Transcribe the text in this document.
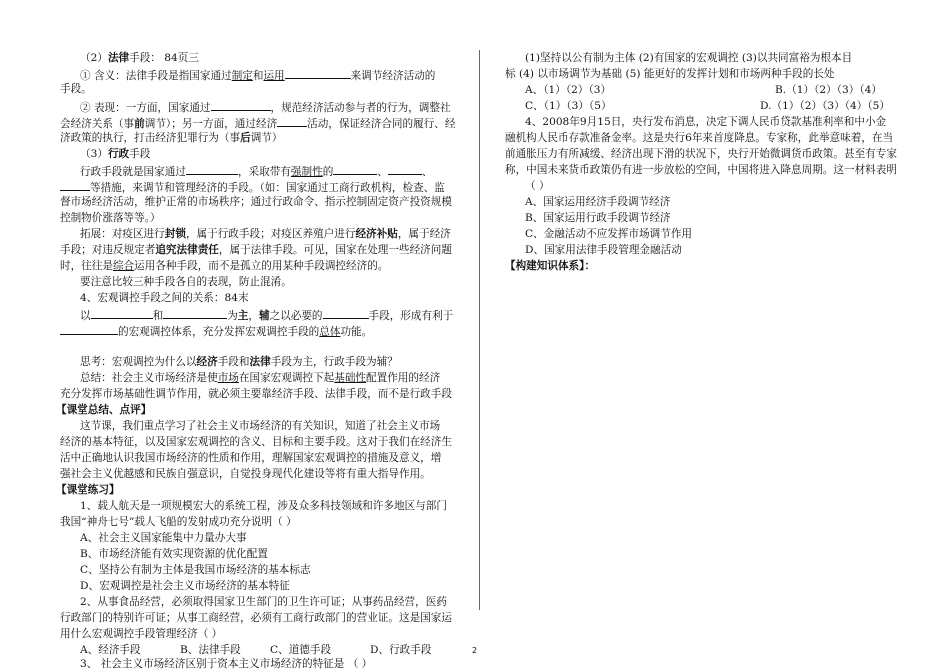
（2）法律手段： 84页三
① 含义：法律手段是指国家通过制定和运用	来调节经济活动的
手段。
② 表现：一方面，国家通过	，规范经济活动参与者的行为，调整社
会经济关系（事前调节）；另一方面，通过经济	活动，保证经济合同的履行、经
济政策的执行，打击经济犯罪行为（事后调节）
（3）行政手段
行政手段就是国家通过	，采取带有强制性的	、	、
等措施，来调节和管理经济的手段。（如：国家通过工商行政机构，检查、监
督市场经济活动，维护正常的市场秩序；通过行政命令、指示控制固定资产投资规模
控制物价涨落等等。）
拓展：对疫区进行封锁，属于行政手段；对疫区养殖户进行经济补贴，属于经济
手段；对违反规定者追究法律责任，属于法律手段。可见，国家在处理一些经济问题
时，往往是综合运用各种手段，而不是孤立的用某种手段调控经济的。
要注意比较三种手段各自的表现，防止混淆。
4、宏观调控手段之间的关系：84末
以	和	为主，辅之以必要的	手段，形成有利于
的宏观调控体系，充分发挥宏观调控手段的总体功能。
思考：宏观调控为什么以经济手段和法律手段为主，行政手段为辅？
总结：社会主义市场经济是使市场在国家宏观调控下起基础性配置作用的经济
充分发挥市场基础性调节作用，就必须主要靠经济手段、法律手段，而不是行政手段
【课堂总结、点评】
这节课，我们重点学习了社会主义市场经济的有关知识，知道了社会主义市场
经济的基本特征，以及国家宏观调控的含义、目标和主要手段。这对于我们在经济生
活中正确地认识我国市场经济的性质和作用，理解国家宏观调控的措施及意义，增
强社会主义优越感和民族自强意识，自觉投身现代化建设等将有重大指导作用。
【课堂练习】
1、载人航天是一项规模宏大的系统工程，涉及众多科技领域和许多地区与部门
我国“神舟七号”载人飞船的发射成功充分说明（ ）
A、社会主义国家能集中力量办大事
B、市场经济能有效实现资源的优化配置
C、坚持公有制为主体是我国市场经济的基本标志
D、宏观调控是社会主义市场经济的基本特征
2、从事食品经营，必须取得国家卫生部门的卫生许可证；从事药品经营，医药
行政部门的特别许可证；从事工商经营，必须有工商行政部门的营业证。这是国家运
用什么宏观调控手段管理经济（ ）
A、经济手段	B、法律手段	C、道德手段	D、行政手段
3、 社会主义市场经济区别于资本主义市场经济的特征是 （ ）
(1)坚持以公有制为主体 (2)有国家的宏观调控 (3)以共同富裕为根本目
标 (4) 以市场调节为基础 (5) 能更好的发挥计划和市场两种手段的长处
A、（1）（2）（3）	B.（1）（2）（3）（4）
C、（1）（3）（5）	D.（1）（2）（3）（4）（5）
4、2008年9月15日，央行发布消息，决定下调人民币贷款基准利率和中小金
融机构人民币存款准备金率。这是央行6年来首度降息。专家称，此举意味着，在当
前通胀压力有所减缓、经济出现下滑的状况下，央行开始微调货币政策。甚至有专家
称，中国未来货币政策仍有进一步放松的空间，中国将进入降息周期。这一材料表明
（ ）
A、国家运用经济手段调节经济
B、国家运用行政手段调节经济
C、金融活动不应发挥市场调节作用
D、国家用法律手段管理金融活动
【构建知识体系】：
2
